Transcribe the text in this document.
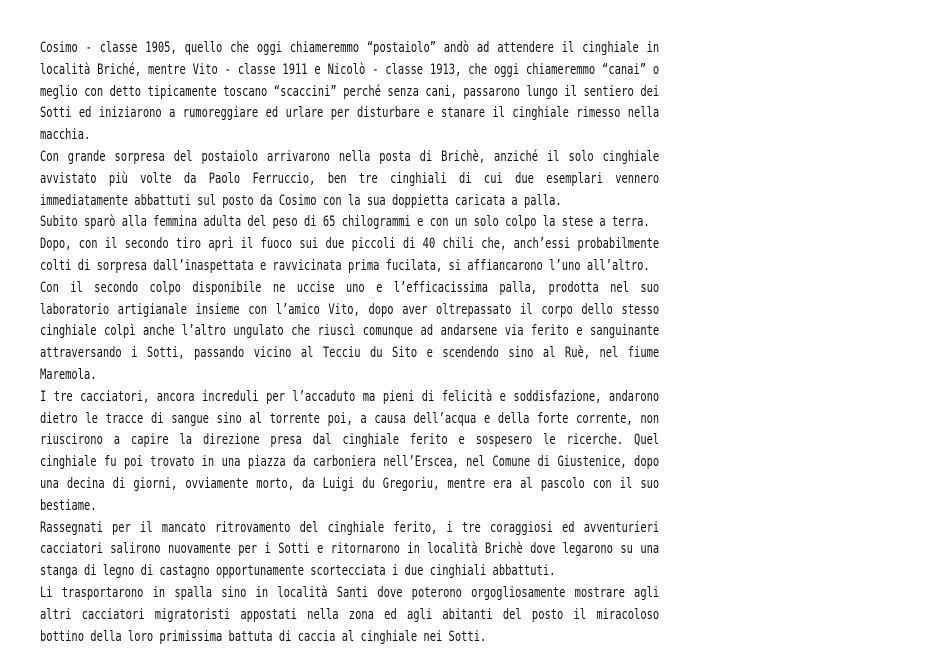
Cosimo - classe 1905, quello che oggi chiameremmo “postaiolo” andò ad attendere il cinghiale in località Briché, mentre Vito - classe 1911 e Nicolò - classe 1913, che oggi chiameremmo “canai” o meglio con detto tipicamente toscano “scaccini” perché senza cani, passarono lungo il sentiero dei Sotti ed iniziarono a rumoreggiare ed urlare per disturbare e stanare il cinghiale rimesso nella macchia.

Con grande sorpresa del postaiolo arrivarono nella posta di Brichè, anziché il solo cinghiale avvistato più volte da Paolo Ferruccio, ben tre cinghiali di cui due esemplari vennero immediatamente abbattuti sul posto da Cosimo con la sua doppietta caricata a palla.

Subito sparò alla femmina adulta del peso di 65 chilogrammi e con un solo colpo la stese a terra.

Dopo, con il secondo tiro aprì il fuoco sui due piccoli di 40 chili che, anch’essi probabilmente colti di sorpresa dall’inaspettata e ravvicinata prima fucilata, si affiancarono l’uno all’altro.

Con il secondo colpo disponibile ne uccise uno e l’efficacissima palla, prodotta nel suo laboratorio artigianale insieme con l’amico Vito, dopo aver oltrepassato il corpo dello stesso cinghiale colpì anche l’altro ungulato che riuscì comunque ad andarsene via ferito e sanguinante attraversando i Sotti, passando vicino al Tecciu du Sito e scendendo sino al Ruè, nel fiume Maremola.

I tre cacciatori, ancora increduli per l’accaduto ma pieni di felicità e soddisfazione, andarono dietro le tracce di sangue sino al torrente poi, a causa dell’acqua e della forte corrente, non riuscirono a capire la direzione presa dal cinghiale ferito e sospesero le ricerche. Quel cinghiale fu poi trovato in una piazza da carboniera nell’Erscea, nel Comune di Giustenice, dopo una decina di giorni, ovviamente morto, da Luigi du Gregoriu, mentre era al pascolo con il suo bestiame.

Rassegnati per il mancato ritrovamento del cinghiale ferito, i tre coraggiosi ed avventurieri cacciatori salirono nuovamente per i Sotti e ritornarono in località Brichè dove legarono su una stanga di legno di castagno opportunamente scortecciata i due cinghiali abbattuti.

Li trasportarono in spalla sino in località Santi dove poterono orgogliosamente mostrare agli altri cacciatori migratoristi appostati nella zona ed agli abitanti del posto il miracoloso bottino della loro primissima battuta di caccia al cinghiale nei Sotti.
